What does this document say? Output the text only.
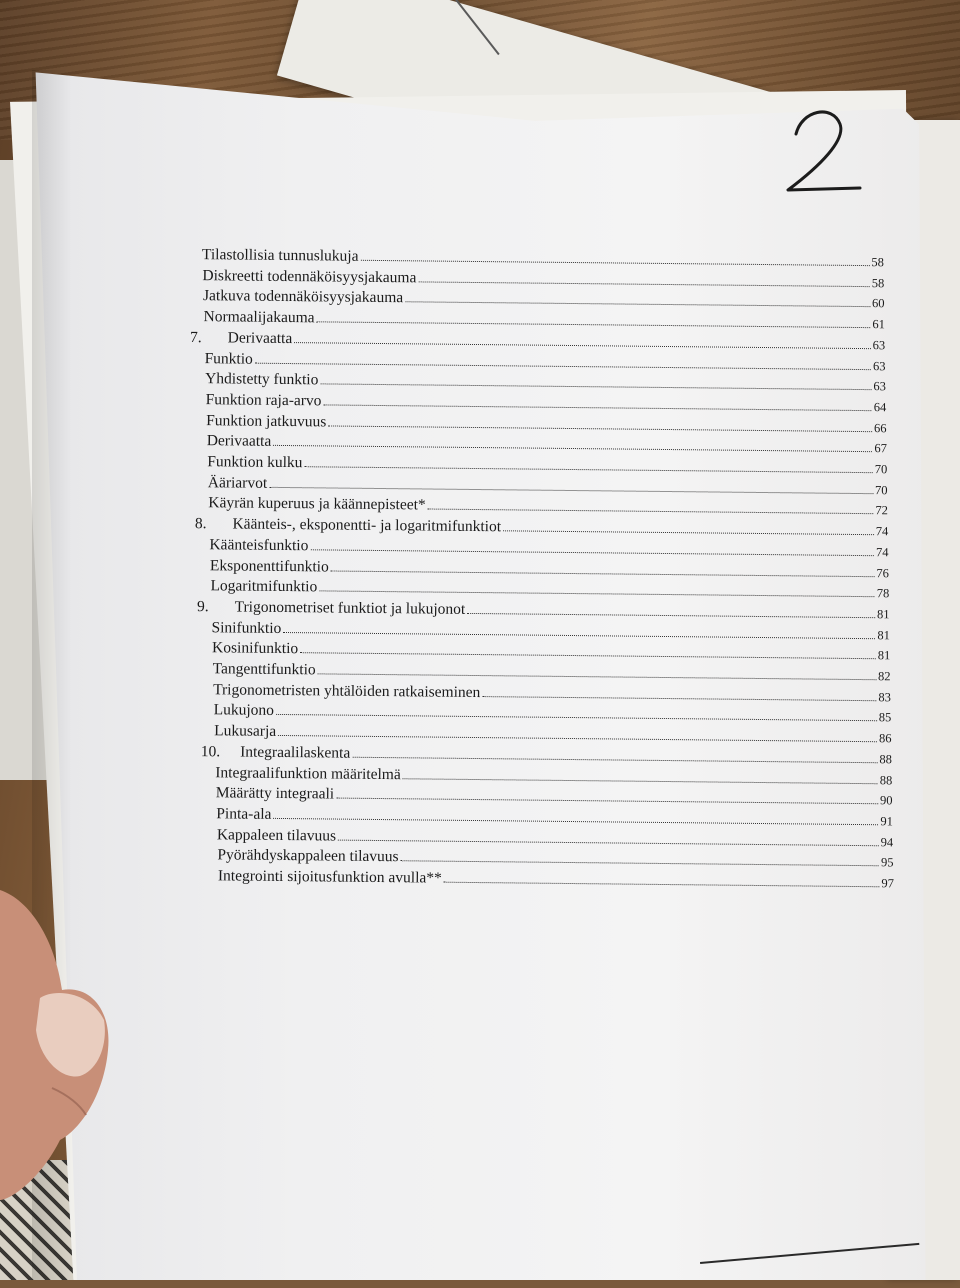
Tilastollisia tunnuslukuja	58
Diskreetti todennäköisyysjakauma	58
Jatkuva todennäköisyysjakauma	60
Normaalijakauma	61
7. Derivaatta	63
Funktio	63
Yhdistetty funktio	63
Funktion raja-arvo	64
Funktion jatkuvuus	66
Derivaatta	67
Funktion kulku	70
Ääriarvot	70
Käyrän kuperuus ja käännepisteet*	72
8. Käänteis-, eksponentti- ja logaritmifunktiot	74
Käänteisfunktio	74
Eksponenttifunktio	76
Logaritmifunktio	78
9. Trigonometriset funktiot ja lukujonot	81
Sinifunktio	81
Kosinifunktio	81
Tangenttifunktio	82
Trigonometristen yhtälöiden ratkaiseminen	83
Lukujono	85
Lukusarja	86
10. Integraalilaskenta	88
Integraalifunktion määritelmä	88
Määrätty integraali	90
Pinta-ala	91
Kappaleen tilavuus	94
Pyörähdyskappaleen tilavuus	95
Integrointi sijoitusfunktion avulla**	97
